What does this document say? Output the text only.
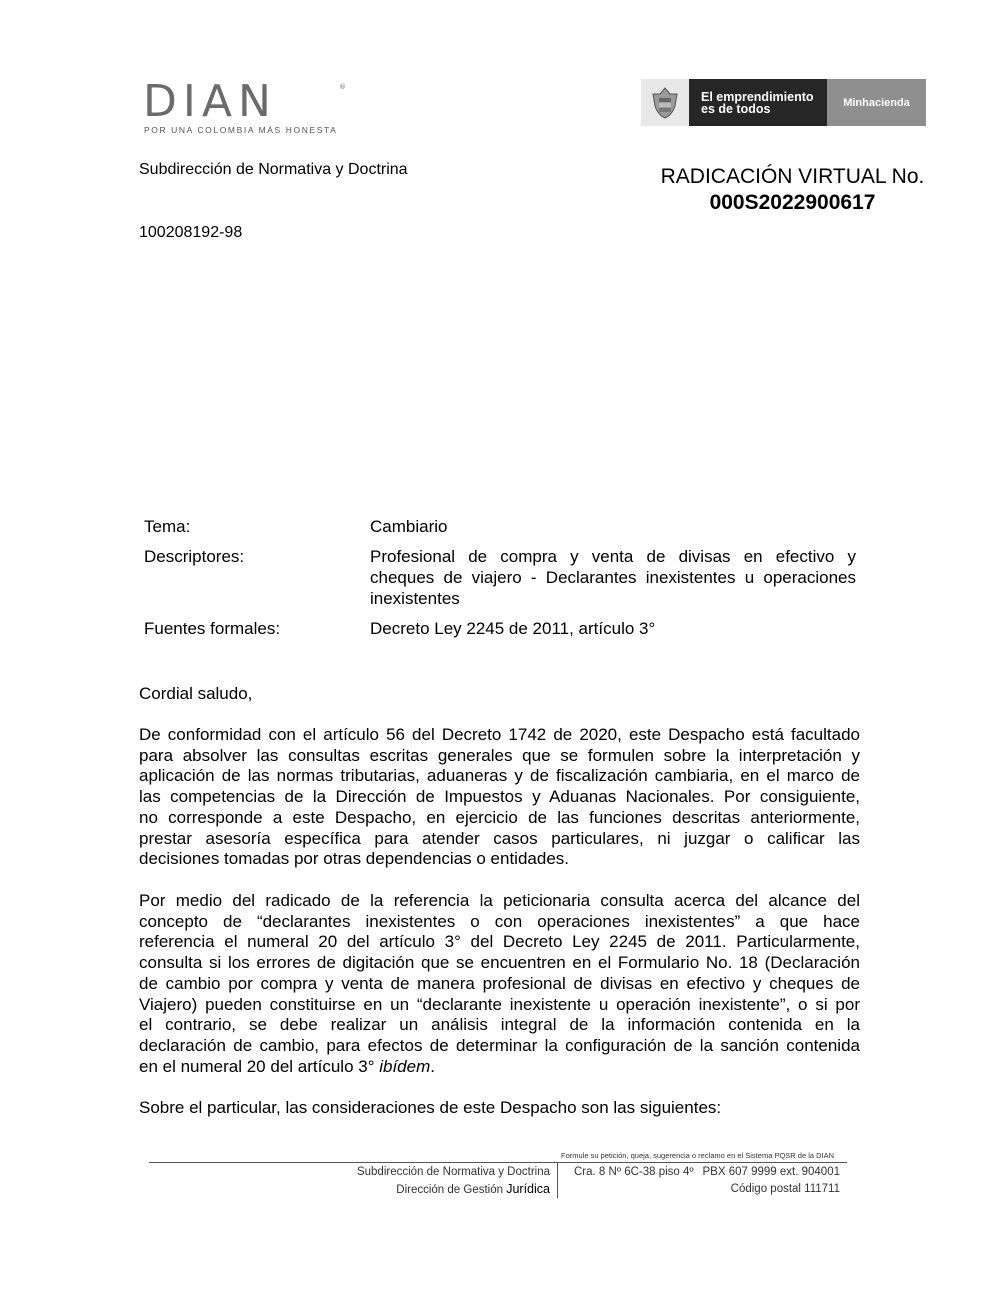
DIAN	®
POR UNA COLOMBIA MÁS HONESTA
El emprendimiento
es de todos	Minhacienda
Subdirección de Normativa y Doctrina
100208192-98
RADICACIÓN VIRTUAL No.
000S2022900617
Tema:	Cambiario
Descriptores:	Profesional de compra y venta de divisas en efectivo y
cheques de viajero - Declarantes inexistentes u operaciones
inexistentes
Fuentes formales:	Decreto Ley 2245 de 2011, artículo 3°
Cordial saludo,
De conformidad con el artículo 56 del Decreto 1742 de 2020, este Despacho está facultado
para absolver las consultas escritas generales que se formulen sobre la interpretación y
aplicación de las normas tributarias, aduaneras y de fiscalización cambiaria, en el marco de
las competencias de la Dirección de Impuestos y Aduanas Nacionales. Por consiguiente,
no corresponde a este Despacho, en ejercicio de las funciones descritas anteriormente,
prestar asesoría específica para atender casos particulares, ni juzgar o calificar las
decisiones tomadas por otras dependencias o entidades.
Por medio del radicado de la referencia la peticionaria consulta acerca del alcance del
concepto de “declarantes inexistentes o con operaciones inexistentes” a que hace
referencia el numeral 20 del artículo 3° del Decreto Ley 2245 de 2011. Particularmente,
consulta si los errores de digitación que se encuentren en el Formulario No. 18 (Declaración
de cambio por compra y venta de manera profesional de divisas en efectivo y cheques de
Viajero) pueden constituirse en un “declarante inexistente u operación inexistente”, o si por
el contrario, se debe realizar un análisis integral de la información contenida en la
declaración de cambio, para efectos de determinar la configuración de la sanción contenida
en el numeral 20 del artículo 3° ibídem.
Sobre el particular, las consideraciones de este Despacho son las siguientes:
Formule su petición, queja, sugerencia o reclamo en el Sistema PQSR de la DIAN
Subdirección de Normativa y Doctrina
Dirección de Gestión Jurídica
Cra. 8 Nº 6C-38 piso 4º PBX 607 9999 ext. 904001
Código postal 111711
